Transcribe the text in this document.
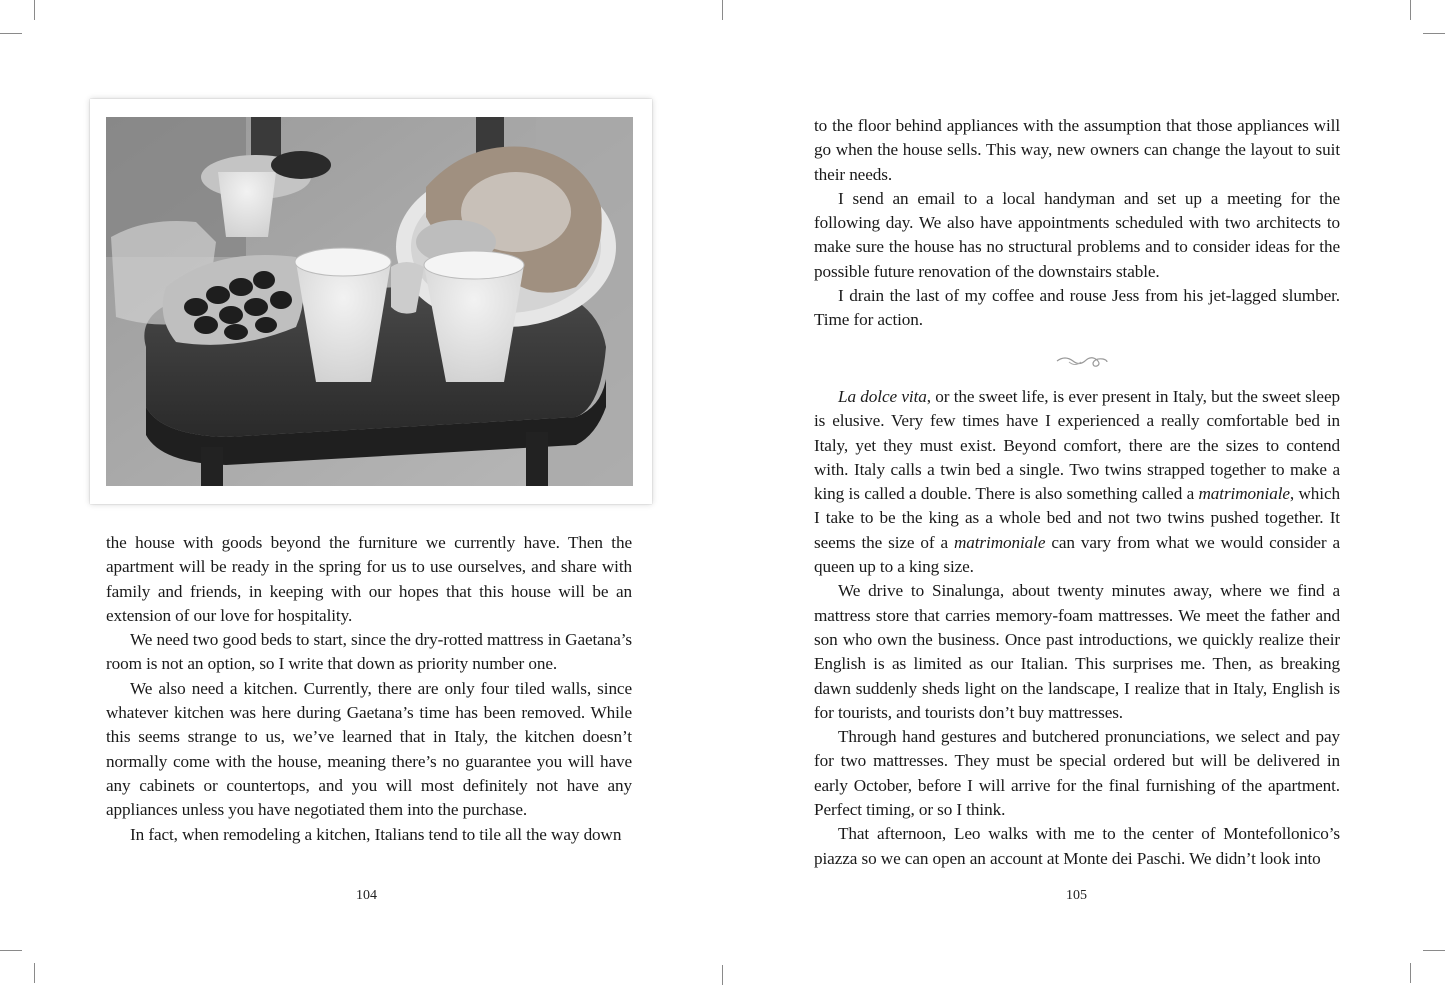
the house with goods beyond the furniture we currently have. Then the apartment will be ready in the spring for us to use ourselves, and share with family and friends, in keeping with our hopes that this house will be an extension of our love for hospitality.

We need two good beds to start, since the dry-rotted mattress in Gaetana’s room is not an option, so I write that down as priority number one.

We also need a kitchen. Currently, there are only four tiled walls, since whatever kitchen was here during Gaetana’s time has been removed. While this seems strange to us, we’ve learned that in Italy, the kitchen doesn’t normally come with the house, meaning there’s no guarantee you will have any cabinets or countertops, and you will most definitely not have any appliances unless you have negotiated them into the purchase.

In fact, when remodeling a kitchen, Italians tend to tile all the way down

104

to the floor behind appliances with the assumption that those appliances will go when the house sells. This way, new owners can change the layout to suit their needs.

I send an email to a local handyman and set up a meeting for the following day. We also have appointments scheduled with two architects to make sure the house has no structural problems and to consider ideas for the possible future renovation of the downstairs stable.

I drain the last of my coffee and rouse Jess from his jet-lagged slumber. Time for action.

La dolce vita, or the sweet life, is ever present in Italy, but the sweet sleep is elusive. Very few times have I experienced a really comfortable bed in Italy, yet they must exist. Beyond comfort, there are the sizes to contend with. Italy calls a twin bed a single. Two twins strapped together to make a king is called a double. There is also something called a matrimoniale, which I take to be the king as a whole bed and not two twins pushed together. It seems the size of a matrimoniale can vary from what we would consider a queen up to a king size.

We drive to Sinalunga, about twenty minutes away, where we find a mattress store that carries memory-foam mattresses. We meet the father and son who own the business. Once past introductions, we quickly realize their English is as limited as our Italian. This surprises me. Then, as breaking dawn suddenly sheds light on the landscape, I realize that in Italy, English is for tourists, and tourists don’t buy mattresses.

Through hand gestures and butchered pronunciations, we select and pay for two mattresses. They must be special ordered but will be delivered in early October, before I will arrive for the final furnishing of the apartment. Perfect timing, or so I think.

That afternoon, Leo walks with me to the center of Montefollonico’s piazza so we can open an account at Monte dei Paschi. We didn’t look into

105
